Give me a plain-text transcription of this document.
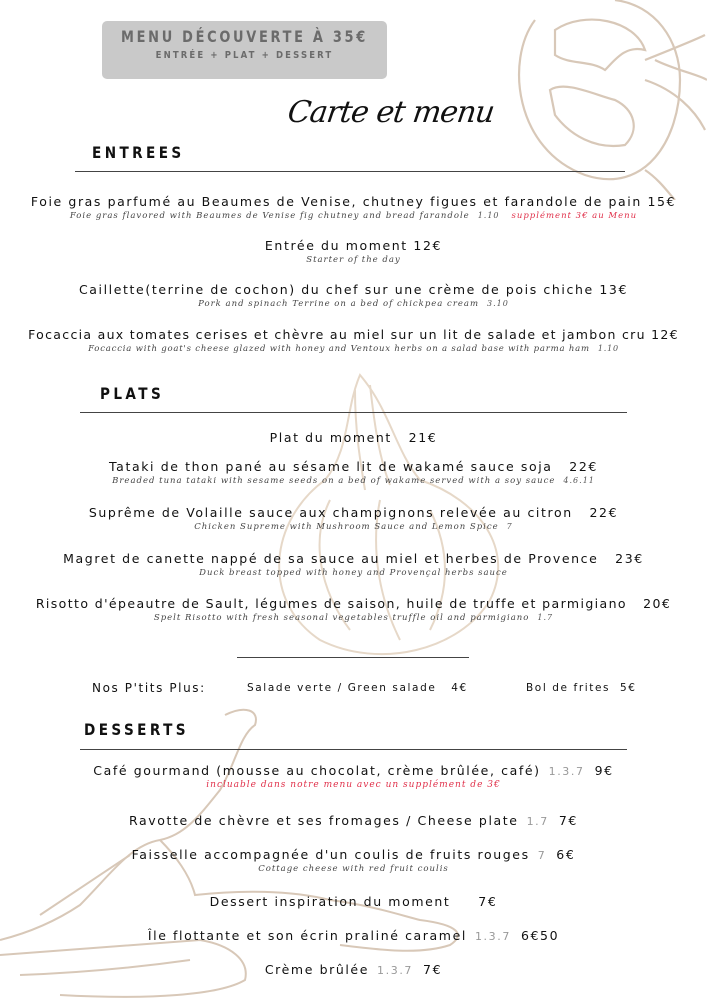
MENU DÉCOUVERTE À 35€
ENTRÉE + PLAT + DESSERT
Carte et menu
ENTREES
Foie gras parfumé au Beaumes de Venise, chutney figues et farandole de pain 15€
Foie gras flavored with Beaumes de Venise fig chutney and bread farandole 1.10 supplément 3€ au Menu
Entrée du moment 12€
Starter of the day
Caillette(terrine de cochon) du chef sur une crème de pois chiche 13€
Pork and spinach Terrine on a bed of chickpea cream 3.10
Focaccia aux tomates cerises et chèvre au miel sur un lit de salade et jambon cru 12€
Focaccia with goat's cheese glazed with honey and Ventoux herbs on a salad base with parma ham 1.10
PLATS
Plat du moment 21€
Tataki de thon pané au sésame lit de wakamé sauce soja 22€
Breaded tuna tataki with sesame seeds on a bed of wakame served with a soy sauce 4.6.11
Suprême de Volaille sauce aux champignons relevée au citron 22€
Chicken Supreme with Mushroom Sauce and Lemon Spice 7
Magret de canette nappé de sa sauce au miel et herbes de Provence 23€
Duck breast topped with honey and Provençal herbs sauce
Risotto d'épeautre de Sault, légumes de saison, huile de truffe et parmigiano 20€
Spelt Risotto with fresh seasonal vegetables truffle oil and parmigiano 1.7
Nos P'tits Plus:	Salade verte / Green salade 4€	Bol de frites 5€
DESSERTS
Café gourmand (mousse au chocolat, crème brûlée, café) 1.3.7 9€
incluable dans notre menu avec un supplément de 3€
Ravotte de chèvre et ses fromages / Cheese plate 1.7 7€
Faisselle accompagnée d'un coulis de fruits rouges 7 6€
Cottage cheese with red fruit coulis
Dessert inspiration du moment 7€
Île flottante et son écrin praliné caramel 1.3.7 6€50
Crème brûlée 1.3.7 7€
